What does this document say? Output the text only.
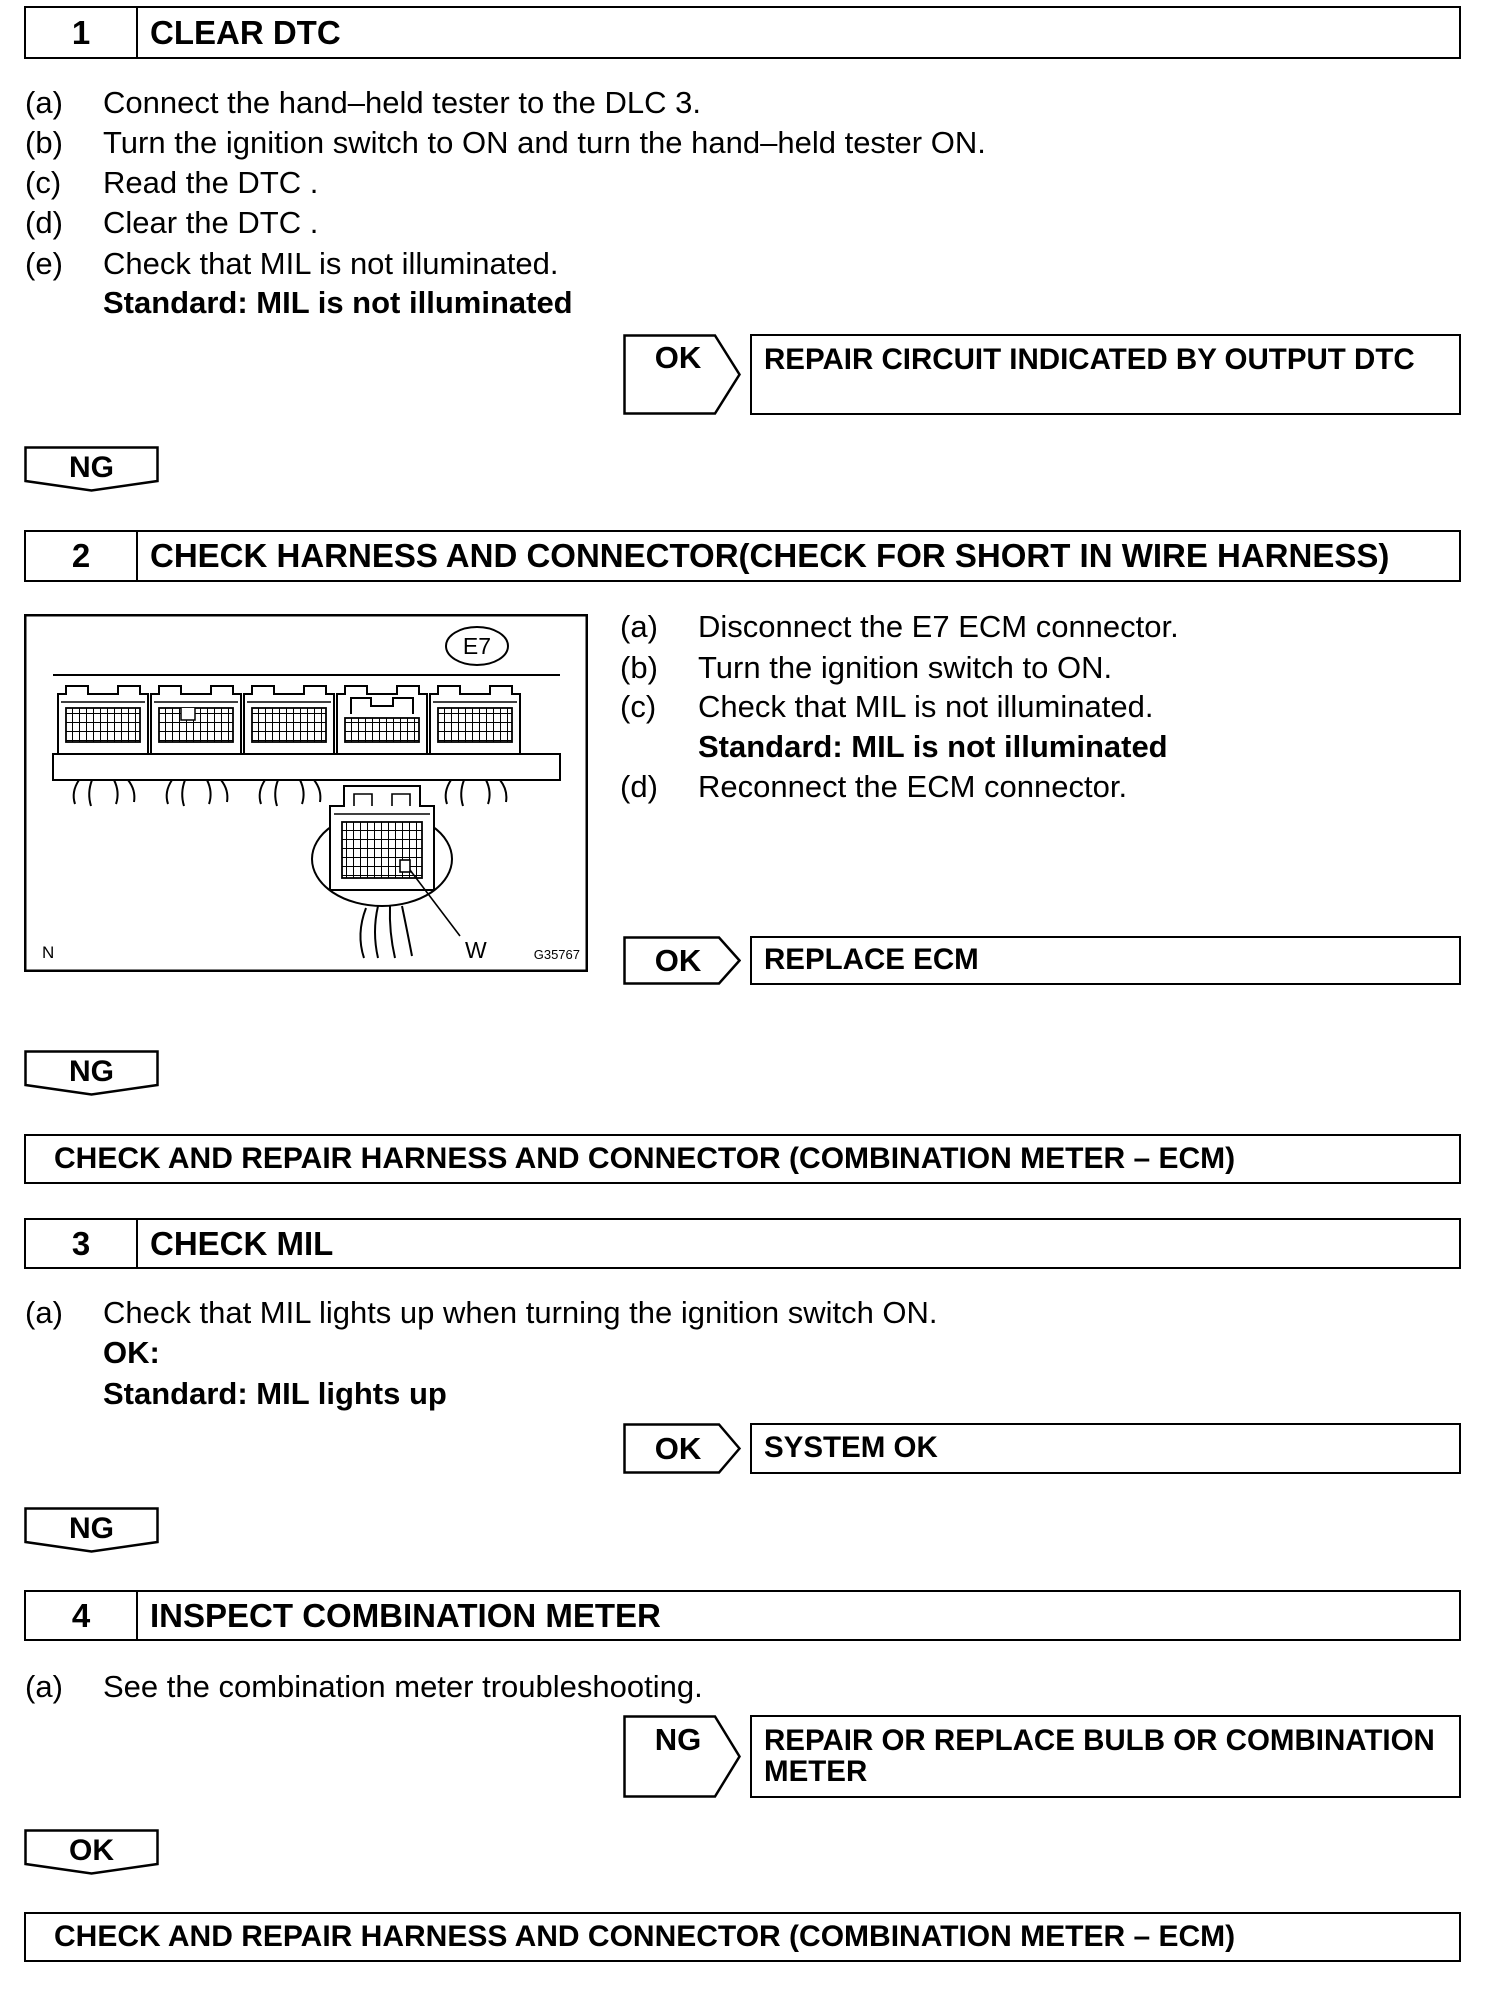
1	CLEAR DTC
(a) Connect the hand–held tester to the DLC 3.
(b) Turn the ignition switch to ON and turn the hand–held tester ON.
(c) Read the DTC .
(d) Clear the DTC .
(e) Check that MIL is not illuminated.
Standard: MIL is not illuminated
OK	REPAIR CIRCUIT INDICATED BY OUTPUT DTC
NG
2	CHECK HARNESS AND CONNECTOR(CHECK FOR SHORT IN WIRE HARNESS)
E7
W
N	G35767
(a) Disconnect the E7 ECM connector.
(b) Turn the ignition switch to ON.
(c) Check that MIL is not illuminated.
Standard: MIL is not illuminated
(d) Reconnect the ECM connector.
OK	REPLACE ECM
NG
CHECK AND REPAIR HARNESS AND CONNECTOR (COMBINATION METER – ECM)
3	CHECK MIL
(a) Check that MIL lights up when turning the ignition switch ON.
OK:
Standard: MIL lights up
OK	SYSTEM OK
NG
4	INSPECT COMBINATION METER
(a) See the combination meter troubleshooting.
NG	REPAIR OR REPLACE BULB OR COMBINATION METER
OK
CHECK AND REPAIR HARNESS AND CONNECTOR (COMBINATION METER – ECM)
